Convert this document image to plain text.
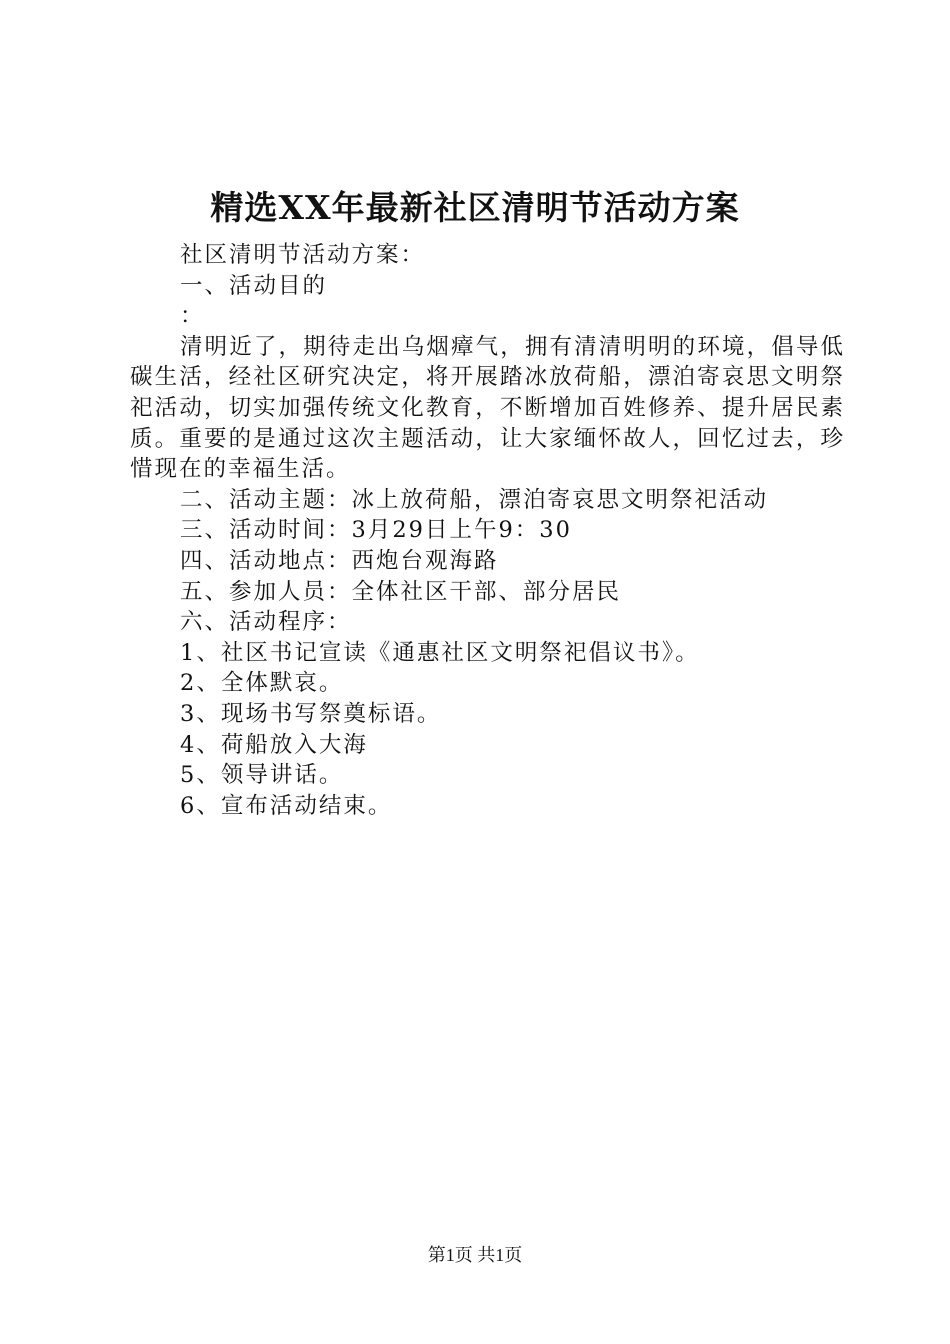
精选XX年最新社区清明节活动方案
社区清明节活动方案：
一、活动目的
：
清明近了，期待走出乌烟瘴气，拥有清清明明的环境，倡导低碳生活，经社区研究决定，将开展踏冰放荷船，漂泊寄哀思文明祭祀活动，切实加强传统文化教育，不断增加百姓修养、提升居民素质。重要的是通过这次主题活动，让大家缅怀故人，回忆过去，珍惜现在的幸福生活。
二、活动主题：冰上放荷船，漂泊寄哀思文明祭祀活动
三、活动时间：3月29日上午9：30
四、活动地点：西炮台观海路
五、参加人员：全体社区干部、部分居民
六、活动程序：
1、社区书记宣读《通惠社区文明祭祀倡议书》。
2、全体默哀。
3、现场书写祭奠标语。
4、荷船放入大海
5、领导讲话。
6、宣布活动结束。
第1页 共1页
